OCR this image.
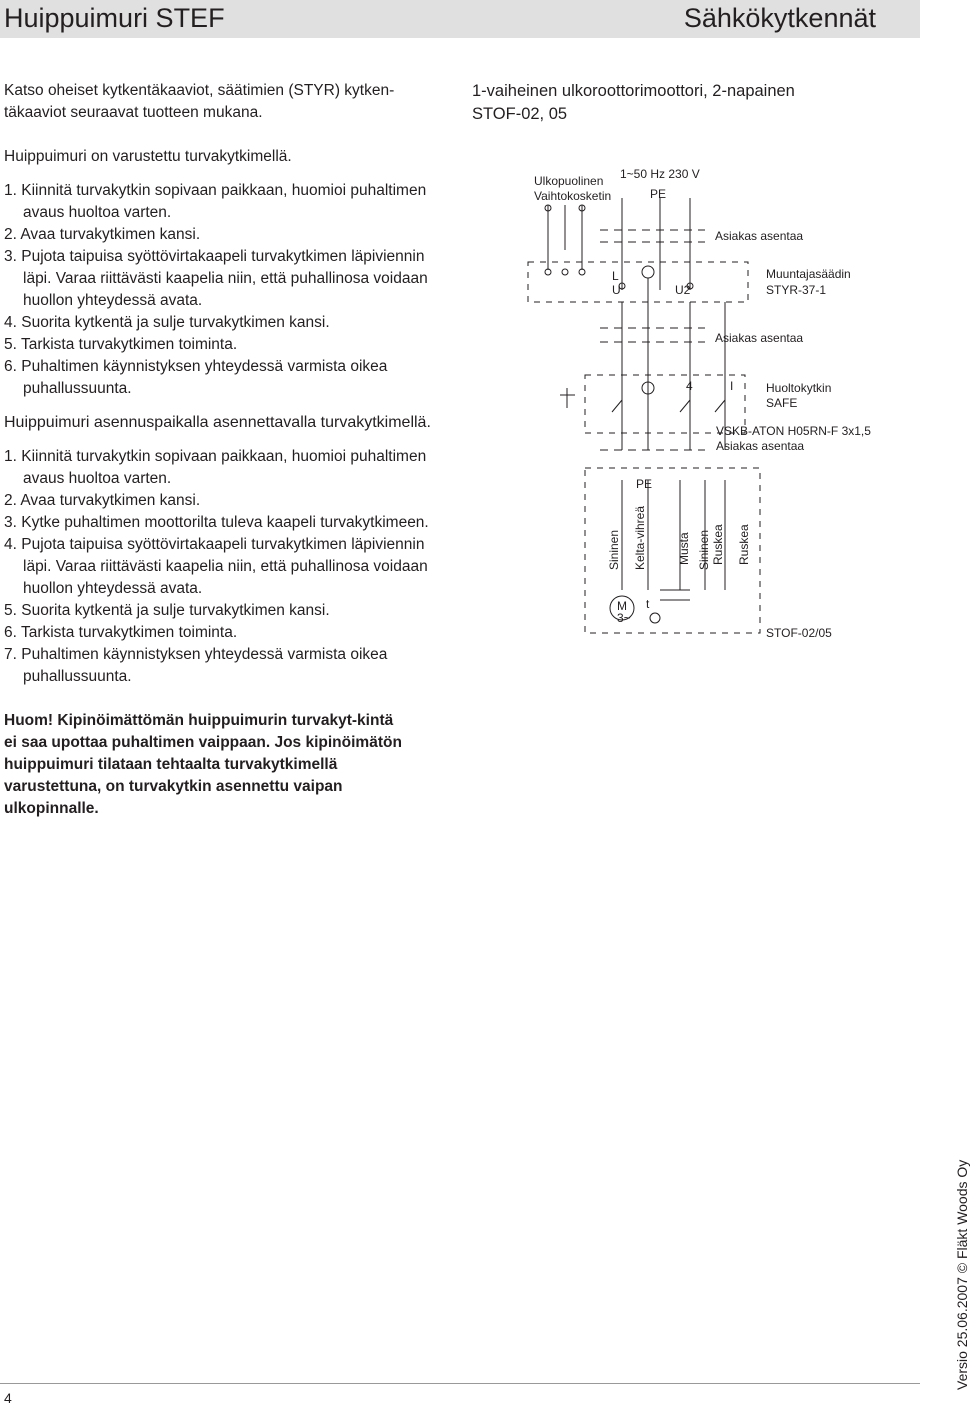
Huippuimuri STEF	Sähkökytkennät

Katso oheiset kytkentäkaaviot, säätimien (STYR) kytken-täkaaviot seuraavat tuotteen mukana.

Huippuimuri on varustettu turvakytkimellä.

1. Kiinnitä turvakytkin sopivaan paikkaan, huomioi puhaltimen avaus huoltoa varten.
2. Avaa turvakytkimen kansi.
3. Pujota taipuisa syöttövirtakaapeli turvakytkimen läpiviennin läpi. Varaa riittävästi kaapelia niin, että puhallinosa voidaan huollon yhteydessä avata.
4. Suorita kytkentä ja sulje turvakytkimen kansi.
5. Tarkista turvakytkimen toiminta.
6. Puhaltimen käynnistyksen yhteydessä varmista oikea puhallussuunta.

Huippuimuri asennuspaikalla asennettavalla turvakytkimellä.

1. Kiinnitä turvakytkin sopivaan paikkaan, huomioi puhaltimen avaus huoltoa varten.
2. Avaa turvakytkimen kansi.
3. Kytke puhaltimen moottorilta tuleva kaapeli turvakytkimeen.
4. Pujota taipuisa syöttövirtakaapeli turvakytkimen läpiviennin läpi. Varaa riittävästi kaapelia niin, että puhallinosa voidaan huollon yhteydessä avata.
5. Suorita kytkentä ja sulje turvakytkimen kansi.
6. Tarkista turvakytkimen toiminta.
7. Puhaltimen käynnistyksen yhteydessä varmista oikea puhallussuunta.

Huom! Kipinöimättömän huippuimurin turvakyt-kintä ei saa upottaa puhaltimen vaippaan. Jos kipinöimätön huippuimuri tilataan tehtaalta turvakytkimellä varustettuna, on turvakytkin asennettu vaipan ulkopinnalle.

1-vaiheinen ulkoroottorimoottori, 2-napainen
STOF-02, 05
1~50 Hz 230 V
PE
Ulkopuolinen
Vaihtokosketin
Asiakas asentaa
Muuntajasäädin
STYR-37-1
L
U	U2
Asiakas asentaa
4	I	Huoltokytkin
SAFE
VSKB-ATON H05RN-F 3x1,5
Asiakas asentaa
PE
Sininen Keltа-vihreä	Musta Sininen Ruskea Ruskea
M
3~
t
STOF-02/05
Versio 25.06.2007 © Fläkt Woods Oy
4
